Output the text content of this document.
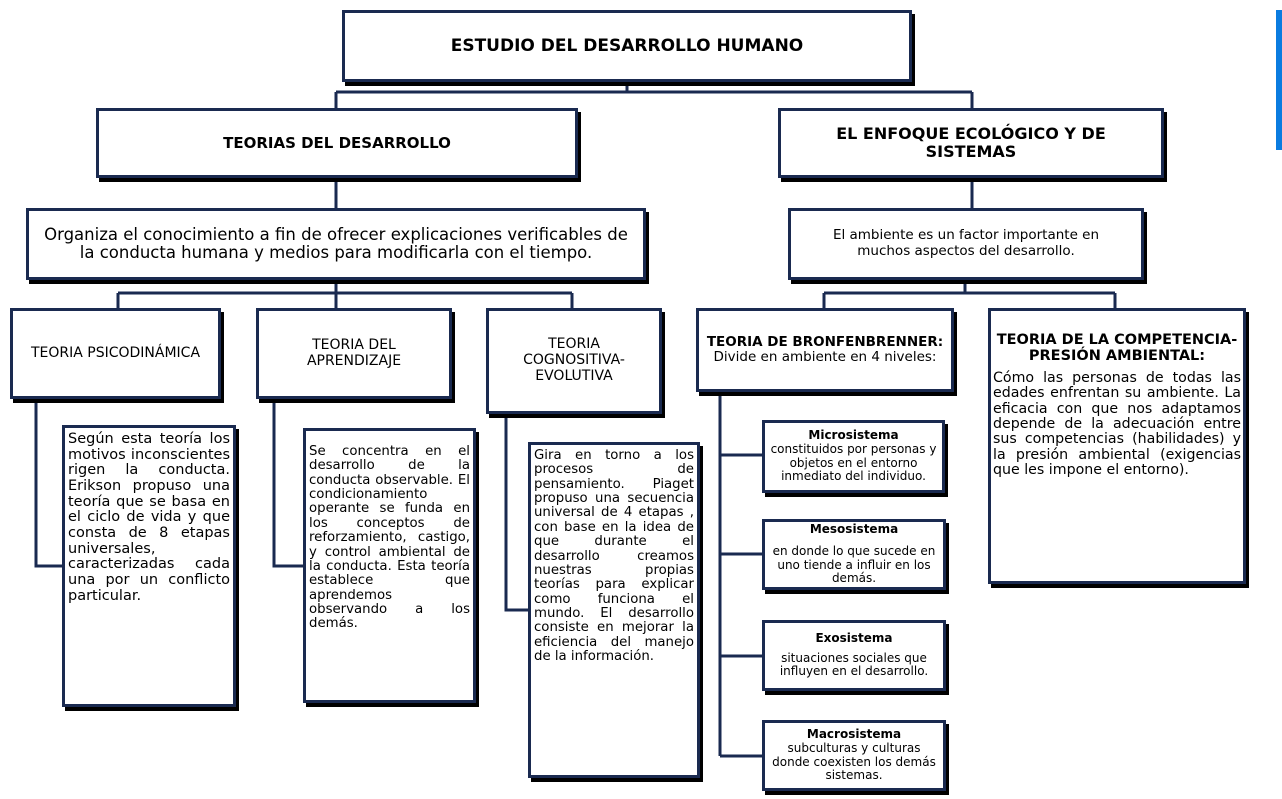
ESTUDIO DEL DESARROLLO HUMANO
TEORIAS DEL DESARROLLO
Organiza el conocimiento a fin de ofrecer explicaciones verificables de la conducta humana y medios para modificarla con el tiempo.
TEORIA PSICODINÁMICA	TEORIA DEL APRENDIZAJE
TEORIA COGNOSITIVA-EVOLUTIVA
Según esta teoría los motivos inconscientes rigen la conducta. Erikson propuso una teoría que se basa en el ciclo de vida y que consta de 8 etapas universales, caracterizadas cada una por un conflicto particular.
Se concentra en el desarrollo de la conducta observable. El condicionamiento operante se funda en los conceptos de reforzamiento, castigo, y control ambiental de la conducta. Esta teoría establece que aprendemos observando a los demás.
Gira en torno a los procesos de pensamiento. Piaget propuso una secuencia universal de 4 etapas , con base en la idea de que durante el desarrollo creamos nuestras propias teorías para explicar como funciona el mundo. El desarrollo consiste en mejorar la eficiencia del manejo de la información.
EL ENFOQUE ECOLÓGICO Y DE SISTEMAS
El ambiente es un factor importante en muchos aspectos del desarrollo.
TEORIA DE BRONFENBRENNER:
Divide en ambiente en 4 niveles:
Microsistema
constituidos por personas y objetos en el entorno inmediato del individuo.
Mesosistema
en donde lo que sucede en uno tiende a influir en los demás.
Exosistema
situaciones sociales que influyen en el desarrollo.
Macrosistema
subculturas y culturas donde coexisten los demás sistemas.
TEORIA DE LA COMPETENCIA-PRESIÓN AMBIENTAL:
Cómo las personas de todas las edades enfrentan su ambiente. La eficacia con que nos adaptamos depende de la adecuación entre sus competencias (habilidades) y la presión ambiental (exigencias que les impone el entorno).
